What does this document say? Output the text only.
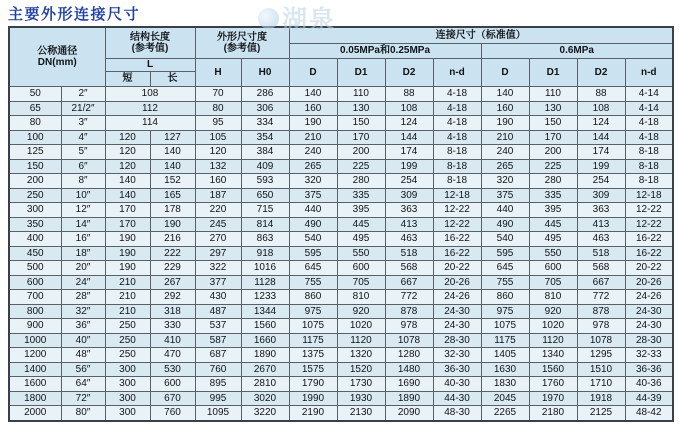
主要外形连接尺寸	湖泉
公称通径
DN(mm)		结构长度
(参考值)		外形尺寸度
(参考值)		连接尺寸（标准值）							
						0.05MPa和0.25MPa				0.6MPa			
		L		H	H0	D	D1	D2	n-d	D	D1	D2	n-d
		短	长										
50	2″	108		70	286	140	110	88	4-18	140	110	88	4-14
65	21/2″	112		80	306	160	130	108	4-18	160	130	108	4-14
80	3″	114		95	334	190	150	124	4-18	190	150	124	4-18
100	4″	120	127	105	354	210	170	144	4-18	210	170	144	4-18
125	5″	120	140	120	384	240	200	174	8-18	240	200	174	8-18
150	6″	120	140	132	409	265	225	199	8-18	265	225	199	8-18
200	8″	140	152	160	593	320	280	254	8-18	320	280	254	8-18
250	10″	140	165	187	650	375	335	309	12-18	375	335	309	12-18
300	12″	170	178	220	715	440	395	363	12-22	440	395	363	12-22
350	14″	170	190	245	814	490	445	413	12-22	490	445	413	12-22
400	16″	190	216	270	863	540	495	463	16-22	540	495	463	16-22
450	18″	190	222	297	918	595	550	518	16-22	595	550	518	16-22
500	20″	190	229	322	1016	645	600	568	20-22	645	600	568	20-22
600	24″	210	267	377	1128	755	705	667	20-26	755	705	667	20-26
700	28″	210	292	430	1233	860	810	772	24-26	860	810	772	24-26
800	32″	210	318	487	1344	975	920	878	24-30	975	920	878	24-30
900	36″	250	330	537	1560	1075	1020	978	24-30	1075	1020	978	24-30
1000	40″	250	410	587	1660	1175	1120	1078	28-30	1175	1120	1078	28-30
1200	48″	250	470	687	1890	1375	1320	1280	32-30	1405	1340	1295	32-33
1400	56″	300	530	760	2670	1575	1520	1480	36-30	1630	1560	1510	36-36
1600	64″	300	600	895	2810	1790	1730	1690	40-30	1830	1760	1710	40-36
1800	72″	300	670	995	3020	1990	1930	1890	44-30	2045	1970	1918	44-39
2000	80″	300	760	1095	3220	2190	2130	2090	48-30	2265	2180	2125	48-42
